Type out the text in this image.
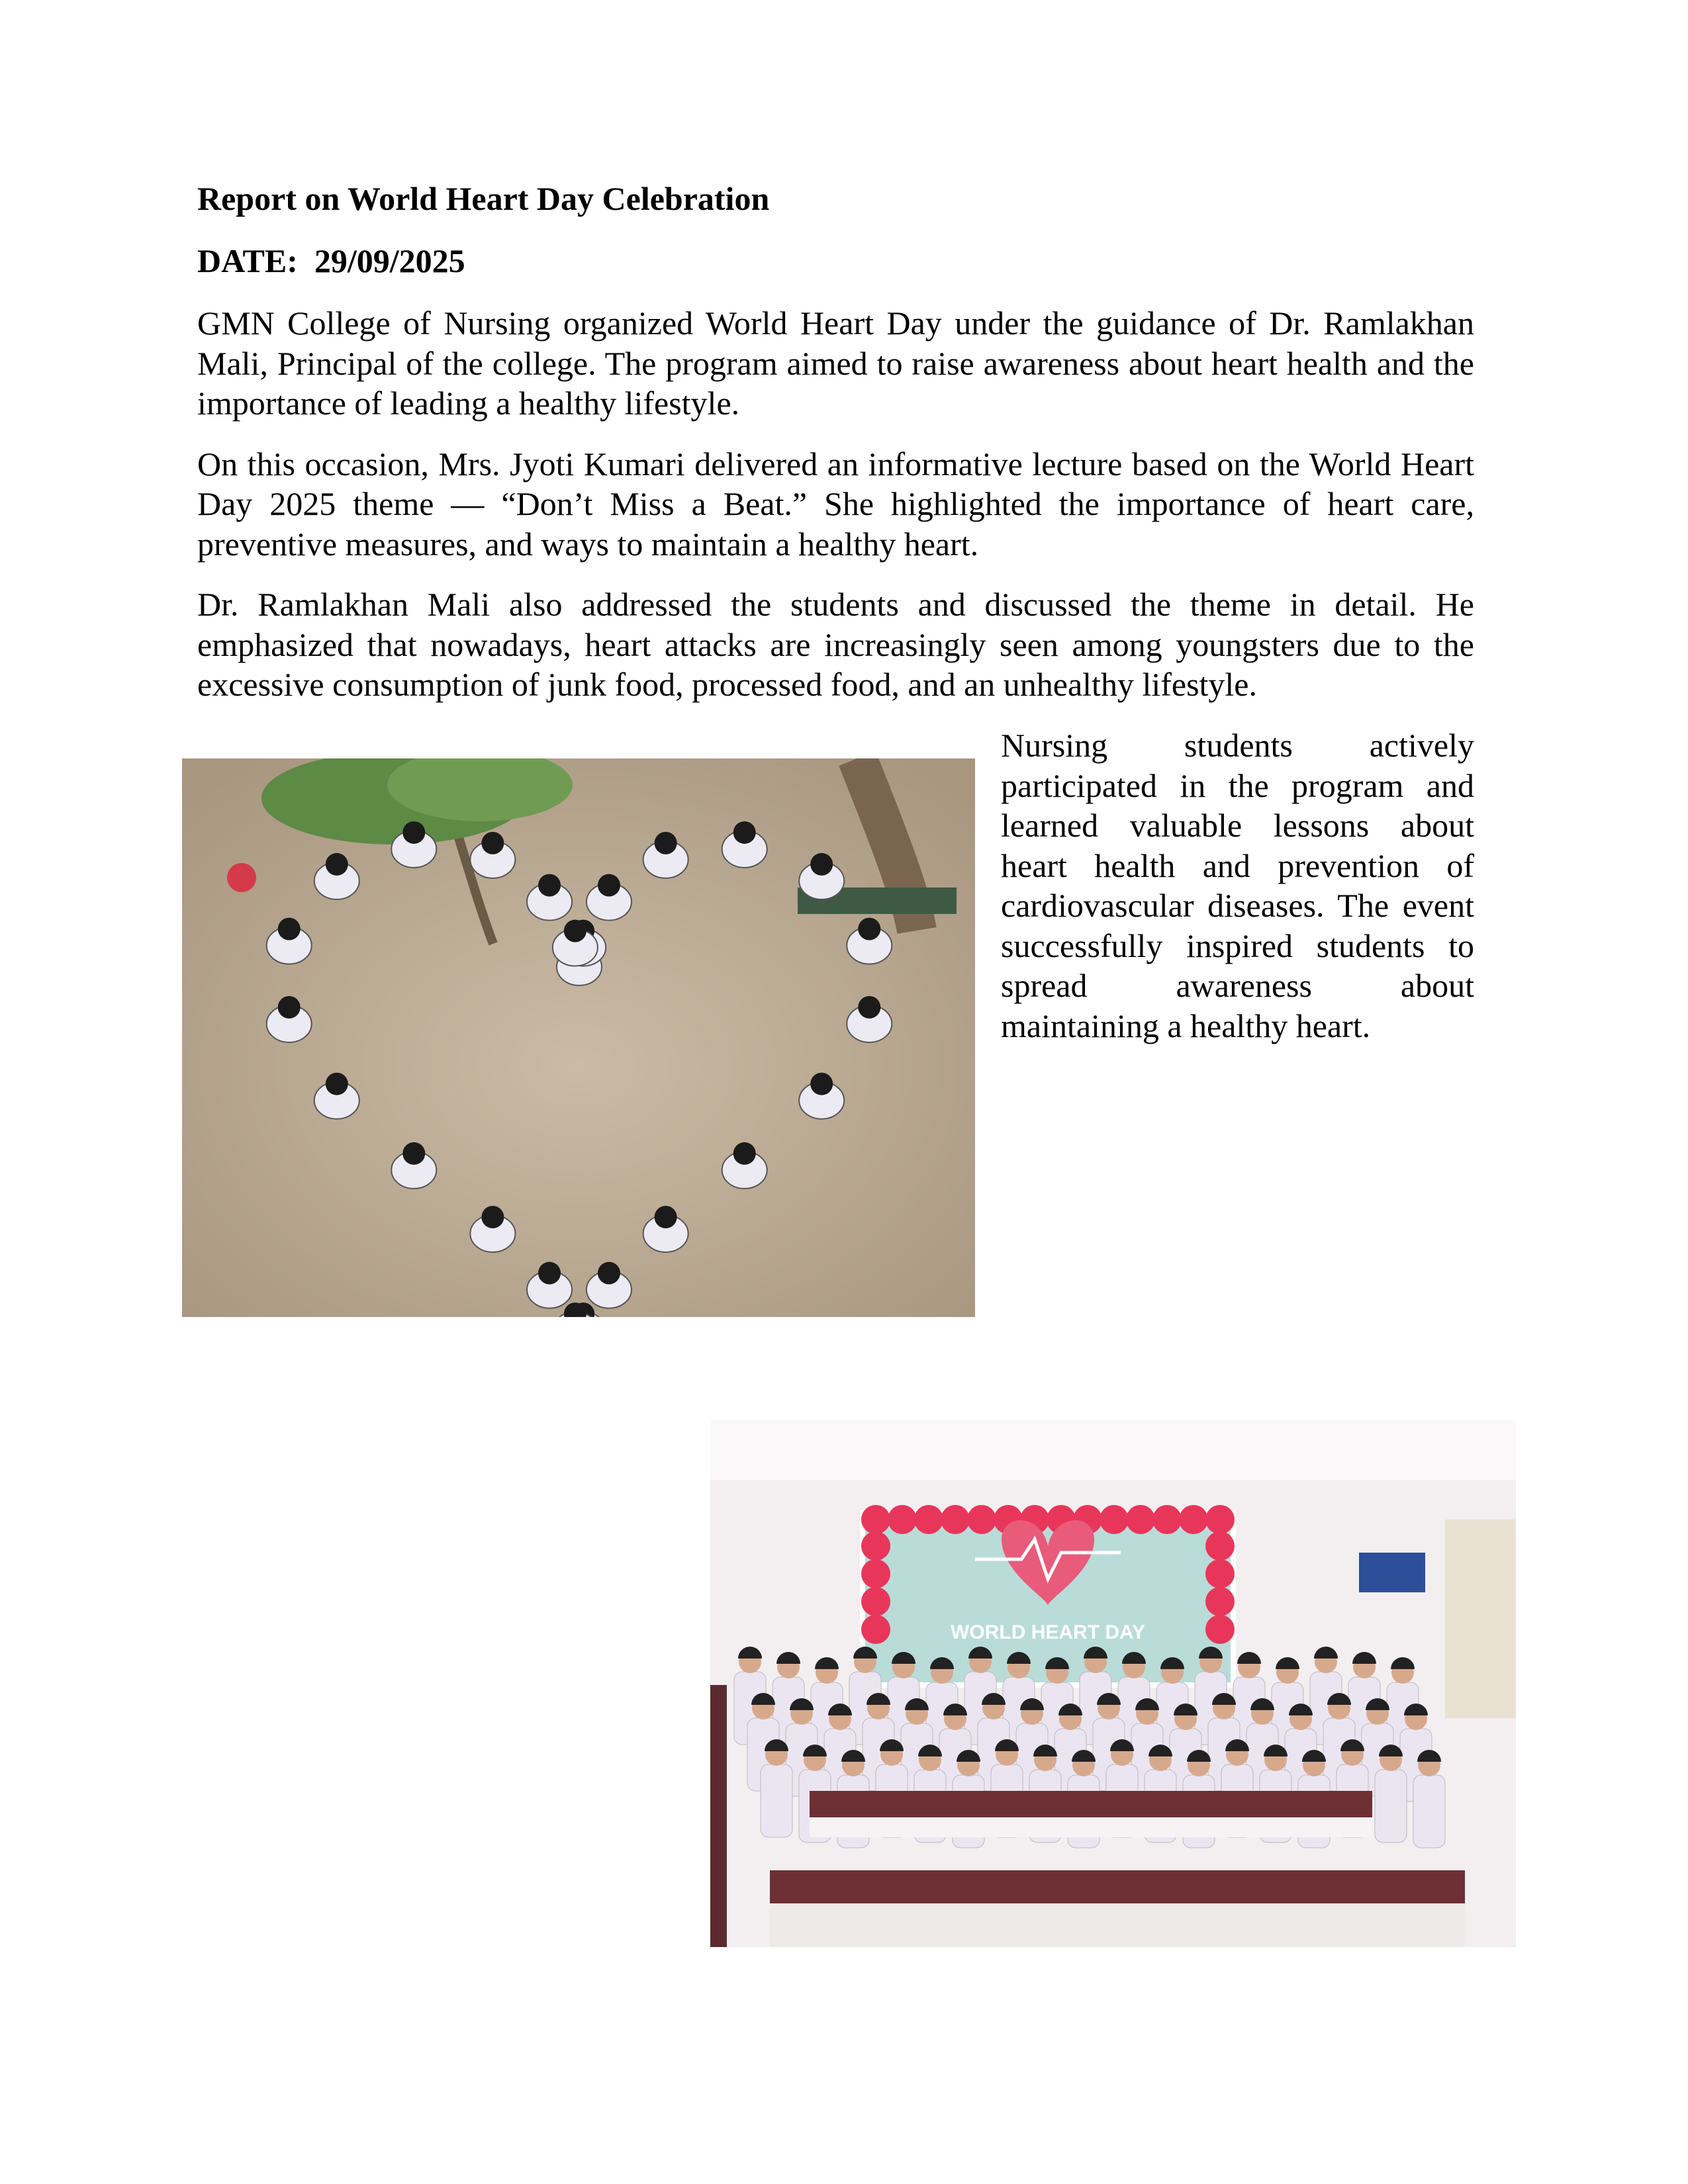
Report on World Heart Day Celebration
DATE:  29/09/2025

GMN College of Nursing organized World Heart Day under the guidance of Dr. Ramlakhan Mali, Principal of the college. The program aimed to raise awareness about heart health and the importance of leading a healthy lifestyle.

On this occasion, Mrs. Jyoti Kumari delivered an informative lecture based on the World Heart Day 2025 theme — “Don’t Miss a Beat.” She highlighted the importance of heart care, preventive measures, and ways to maintain a healthy heart.

Dr. Ramlakhan Mali also addressed the students and discussed the theme in detail. He emphasized that nowadays, heart attacks are increasingly seen among youngsters due to the excessive consumption of junk food, processed food, and an unhealthy lifestyle.

Nursing students actively participated in the program and learned valuable lessons about heart health and prevention of cardiovascular diseases. The event successfully inspired students to spread awareness about maintaining a healthy heart.

WORLD HEART DAY
